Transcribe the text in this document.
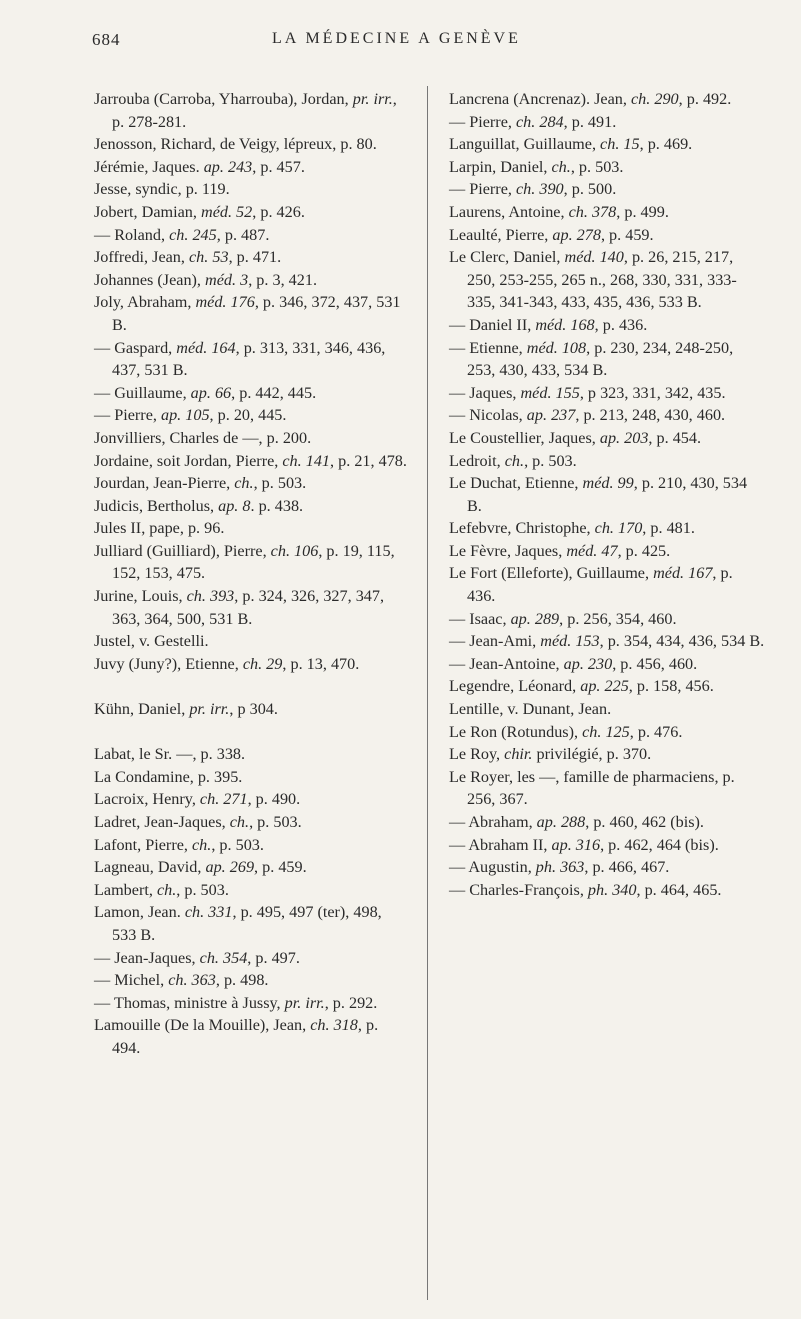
684	LA MÉDECINE A GENÈVE
Jarrouba (Carroba, Yharrouba), Jordan, pr. irr., p. 278-281.
Jenosson, Richard, de Veigy, lépreux, p. 80.
Jérémie, Jaques. ap. 243, p. 457.
Jesse, syndic, p. 119.
Jobert, Damian, méd. 52, p. 426.
— Roland, ch. 245, p. 487.
Joffredi, Jean, ch. 53, p. 471.
Johannes (Jean), méd. 3, p. 3, 421.
Joly, Abraham, méd. 176, p. 346, 372, 437, 531 B.
— Gaspard, méd. 164, p. 313, 331, 346, 436, 437, 531 B.
— Guillaume, ap. 66, p. 442, 445.
— Pierre, ap. 105, p. 20, 445.
Jonvilliers, Charles de —, p. 200.
Jordaine, soit Jordan, Pierre, ch. 141, p. 21, 478.
Jourdan, Jean-Pierre, ch., p. 503.
Judicis, Bertholus, ap. 8. p. 438.
Jules II, pape, p. 96.
Julliard (Guilliard), Pierre, ch. 106, p. 19, 115, 152, 153, 475.
Jurine, Louis, ch. 393, p. 324, 326, 327, 347, 363, 364, 500, 531 B.
Justel, v. Gestelli.
Juvy (Juny?), Etienne, ch. 29, p. 13, 470.
Kühn, Daniel, pr. irr., p 304.
Labat, le Sr. —, p. 338.
La Condamine, p. 395.
Lacroix, Henry, ch. 271, p. 490.
Ladret, Jean-Jaques, ch., p. 503.
Lafont, Pierre, ch., p. 503.
Lagneau, David, ap. 269, p. 459.
Lambert, ch., p. 503.
Lamon, Jean. ch. 331, p. 495, 497 (ter), 498, 533 B.
— Jean-Jaques, ch. 354, p. 497.
— Michel, ch. 363, p. 498.
— Thomas, ministre à Jussy, pr. irr., p. 292.
Lamouille (De la Mouille), Jean, ch. 318, p. 494.
Lancrena (Ancrenaz). Jean, ch. 290, p. 492.
— Pierre, ch. 284, p. 491.
Languillat, Guillaume, ch. 15, p. 469.
Larpin, Daniel, ch., p. 503.
— Pierre, ch. 390, p. 500.
Laurens, Antoine, ch. 378, p. 499.
Leaulté, Pierre, ap. 278, p. 459.
Le Clerc, Daniel, méd. 140, p. 26, 215, 217, 250, 253-255, 265 n., 268, 330, 331, 333-335, 341-343, 433, 435, 436, 533 B.
— Daniel II, méd. 168, p. 436.
— Etienne, méd. 108, p. 230, 234, 248-250, 253, 430, 433, 534 B.
— Jaques, méd. 155, p 323, 331, 342, 435.
— Nicolas, ap. 237, p. 213, 248, 430, 460.
Le Coustellier, Jaques, ap. 203, p. 454.
Ledroit, ch., p. 503.
Le Duchat, Etienne, méd. 99, p. 210, 430, 534 B.
Lefebvre, Christophe, ch. 170, p. 481.
Le Fèvre, Jaques, méd. 47, p. 425.
Le Fort (Elleforte), Guillaume, méd. 167, p. 436.
— Isaac, ap. 289, p. 256, 354, 460.
— Jean-Ami, méd. 153, p. 354, 434, 436, 534 B.
— Jean-Antoine, ap. 230, p. 456, 460.
Legendre, Léonard, ap. 225, p. 158, 456.
Lentille, v. Dunant, Jean.
Le Ron (Rotundus), ch. 125, p. 476.
Le Roy, chir. privilégié, p. 370.
Le Royer, les —, famille de pharmaciens, p. 256, 367.
— Abraham, ap. 288, p. 460, 462 (bis).
— Abraham II, ap. 316, p. 462, 464 (bis).
— Augustin, ph. 363, p. 466, 467.
— Charles-François, ph. 340, p. 464, 465.
